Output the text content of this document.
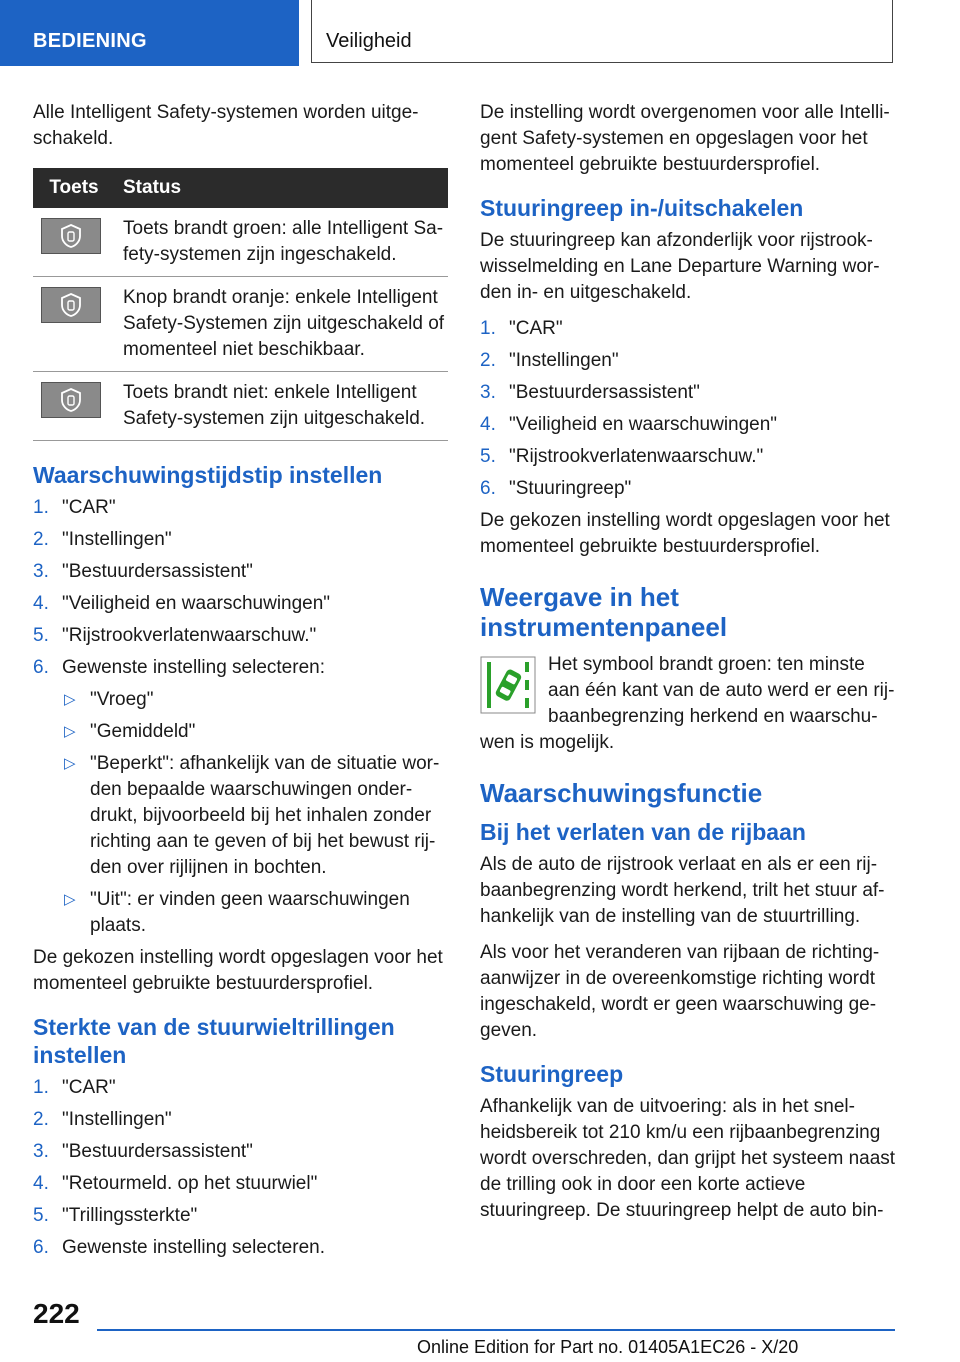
BEDIENING	Veiligheid

Alle Intelligent Safety-systemen worden uitge-schakeld.

Toets	Status

	Toets brandt groen: alle Intelligent Sa-fety-systemen zijn ingeschakeld.

	Knop brandt oranje: enkele Intelligent Safety-Systemen zijn uitgeschakeld of momenteel niet beschikbaar.

	Toets brandt niet: enkele Intelligent Safety-systemen zijn uitgeschakeld.
Waarschuwingstijdstip instellen
1. "CAR"
2. "Instellingen"
3. "Bestuurdersassistent"
4. "Veiligheid en waarschuwingen"
5. "Rijstrookverlatenwaarschuw."
6. Gewenste instelling selecteren:
▷ "Vroeg"
▷ "Gemiddeld"
▷ "Beperkt": afhankelijk van de situatie wor-den bepaalde waarschuwingen onder-drukt, bijvoorbeeld bij het inhalen zonder richting aan te geven of bij het bewust rij-den over rijlijnen in bochten.
▷ "Uit": er vinden geen waarschuwingen plaats.

De gekozen instelling wordt opgeslagen voor het momenteel gebruikte bestuurdersprofiel.

Sterkte van de stuurwieltrillingen instellen
1. "CAR"
2. "Instellingen"
3. "Bestuurdersassistent"
4. "Retourmeld. op het stuurwiel"
5. "Trillingssterkte"
6. Gewenste instelling selecteren.

De instelling wordt overgenomen voor alle Intelli-gent Safety-systemen en opgeslagen voor het momenteel gebruikte bestuurdersprofiel.

Stuuringreep in-/uitschakelen

De stuuringreep kan afzonderlijk voor rijstrook-wisselmelding en Lane Departure Warning wor-den in- en uitgeschakeld.

1. "CAR"
2. "Instellingen"
3. "Bestuurdersassistent"
4. "Veiligheid en waarschuwingen"
5. "Rijstrookverlatenwaarschuw."
6. "Stuuringreep"

De gekozen instelling wordt opgeslagen voor het momenteel gebruikte bestuurdersprofiel.

Weergave in het instrumentenpaneel

Het symbool brandt groen: ten minste aan één kant van de auto werd er een rij-baanbegrenzing herkend en waarschu-wen is mogelijk.

Waarschuwingsfunctie
Bij het verlaten van de rijbaan

Als de auto de rijstrook verlaat en als er een rij-baanbegrenzing wordt herkend, trilt het stuur af-hankelijk van de instelling van de stuurtrilling.

Als voor het veranderen van rijbaan de richting-aanwijzer in de overeenkomstige richting wordt ingeschakeld, wordt er geen waarschuwing ge-geven.

Stuuringreep

Afhankelijk van de uitvoering: als in het snel-heidsbereik tot 210 km/u een rijbaanbegrenzing wordt overschreden, dan grijpt het systeem naast de trilling ook in door een korte actieve stuuringreep. De stuuringreep helpt de auto bin-

222
Online Edition for Part no. 01405A1EC26 - X/20
